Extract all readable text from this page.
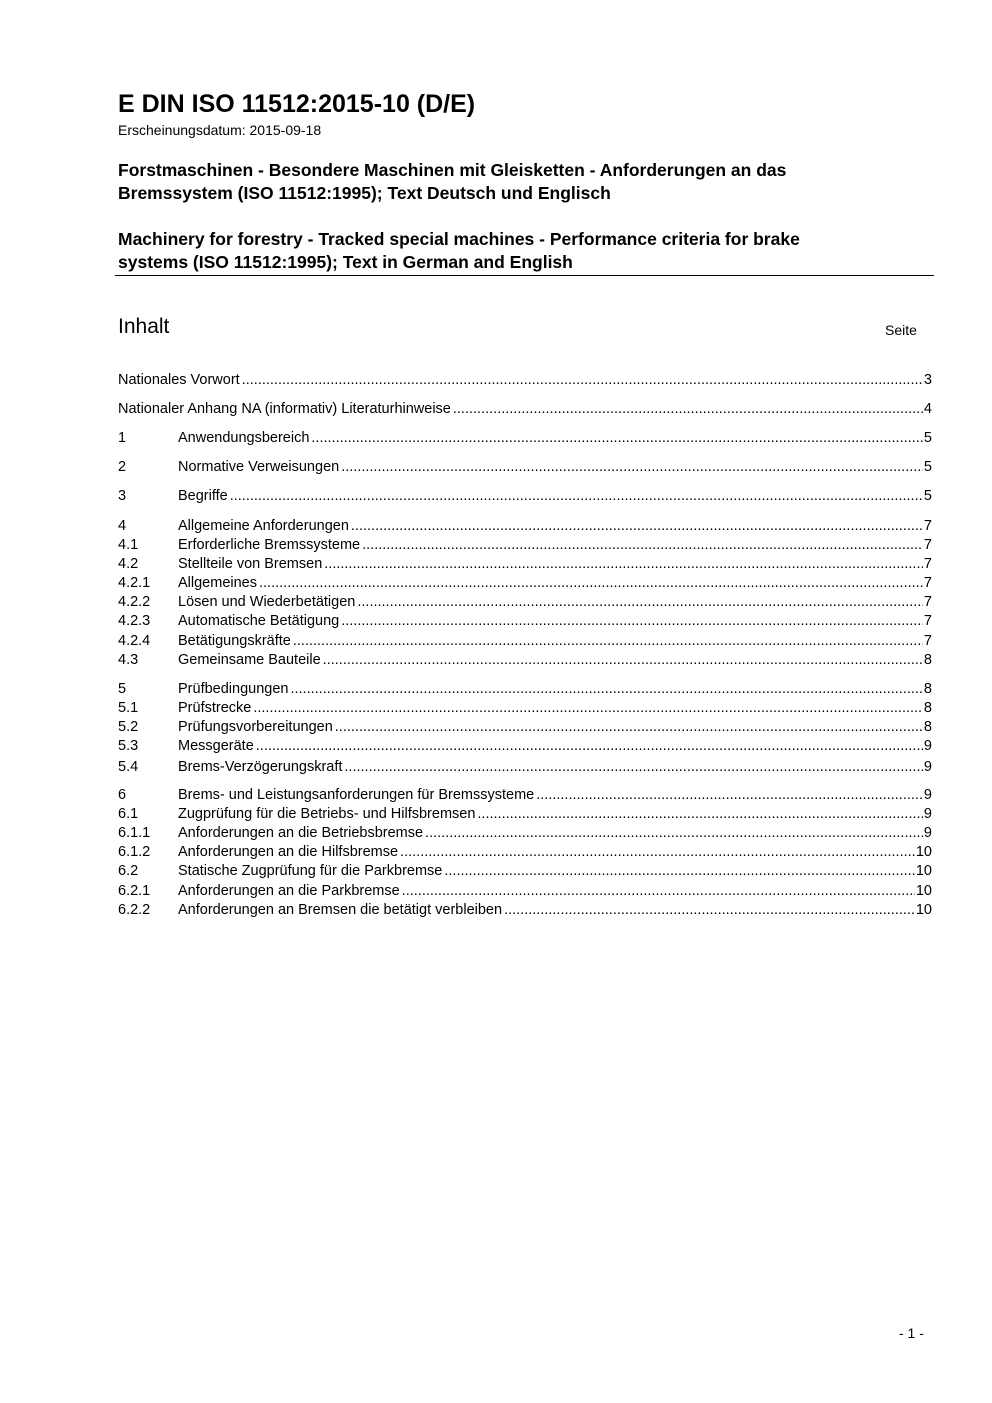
E DIN ISO 11512:2015-10 (D/E)
Erscheinungsdatum: 2015-09-18
Forstmaschinen - Besondere Maschinen mit Gleisketten - Anforderungen an das
Bremssystem (ISO 11512:1995); Text Deutsch und Englisch
Machinery for forestry - Tracked special machines - Performance criteria for brake
systems (ISO 11512:1995); Text in German and English
Inhalt	Seite
Nationales Vorwort .....	3
Nationaler Anhang NA (informativ) Literaturhinweise .....	4
1	Anwendungsbereich .....	5
2	Normative Verweisungen .....	5
3	Begriffe .....	5
4	Allgemeine Anforderungen .....	7
4.1	Erforderliche Bremssysteme .....	7
4.2	Stellteile von Bremsen .....	7
4.2.1	Allgemeines .....	7
4.2.2	Lösen und Wiederbetätigen .....	7
4.2.3	Automatische Betätigung .....	7
4.2.4	Betätigungskräfte .....	7
4.3	Gemeinsame Bauteile .....	8
5	Prüfbedingungen .....	8
5.1	Prüfstrecke .....	8
5.2	Prüfungsvorbereitungen .....	8
5.3	Messgeräte .....	9
5.4	Brems-Verzögerungskraft .....	9
6	Brems- und Leistungsanforderungen für Bremssysteme .....	9
6.1	Zugprüfung für die Betriebs- und Hilfsbremsen .....	9
6.1.1	Anforderungen an die Betriebsbremse .....	9
6.1.2	Anforderungen an die Hilfsbremse .....	10
6.2	Statische Zugprüfung für die Parkbremse .....	10
6.2.1	Anforderungen an die Parkbremse .....	10
6.2.2	Anforderungen an Bremsen die betätigt verbleiben .....	10
- 1 -
